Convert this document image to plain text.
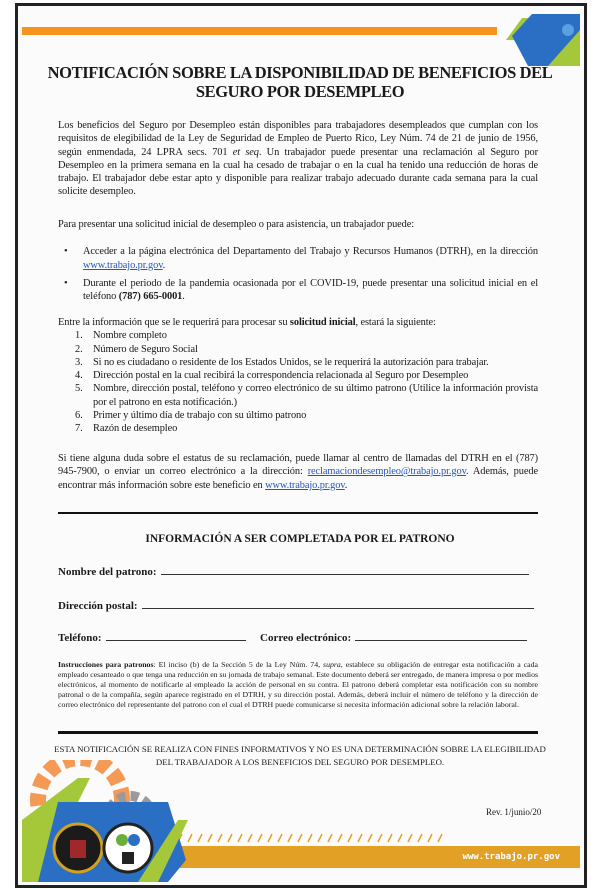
NOTIFICACIÓN SOBRE LA DISPONIBILIDAD DE BENEFICIOS DEL
SEGURO POR DESEMPLEO
Los beneficios del Seguro por Desempleo están disponibles para trabajadores desempleados que cumplan con los requisitos de elegibilidad de la Ley de Seguridad de Empleo de Puerto Rico, Ley Núm. 74 de 21 de junio de 1956, según enmendada, 24 LPRA secs. 701 et seq. Un trabajador puede presentar una reclamación al Seguro por Desempleo en la primera semana en la cual ha cesado de trabajar o en la cual ha tenido una reducción de horas de trabajo. El trabajador debe estar apto y disponible para realizar trabajo adecuado durante cada semana para la cual solicite desempleo.
Para presentar una solicitud inicial de desempleo o para asistencia, un trabajador puede:
• Acceder a la página electrónica del Departamento del Trabajo y Recursos Humanos (DTRH), en la dirección www.trabajo.pr.gov.
• Durante el periodo de la pandemia ocasionada por el COVID-19, puede presentar una solicitud inicial en el teléfono (787) 665-0001.
Entre la información que se le requerirá para procesar su solicitud inicial, estará la siguiente:
1. Nombre completo
2. Número de Seguro Social
3. Si no es ciudadano o residente de los Estados Unidos, se le requerirá la autorización para trabajar.
4. Dirección postal en la cual recibirá la correspondencia relacionada al Seguro por Desempleo
5. Nombre, dirección postal, teléfono y correo electrónico de su último patrono (Utilice la información provista por el patrono en esta notificación.)
6. Primer y último día de trabajo con su último patrono
7. Razón de desempleo
Si tiene alguna duda sobre el estatus de su reclamación, puede llamar al centro de llamadas del DTRH en el (787) 945-7900, o enviar un correo electrónico a la dirección: reclamaciondesempleo@trabajo.pr.gov. Además, puede encontrar más información sobre este beneficio en www.trabajo.pr.gov.
INFORMACIÓN A SER COMPLETADA POR EL PATRONO
Nombre del patrono:
Dirección postal:
Teléfono:	Correo electrónico:
Instrucciones para patronos: El inciso (b) de la Sección 5 de la Ley Núm. 74, supra, establece su obligación de entregar esta notificación a cada empleado cesanteado o que tenga una reducción en su jornada de trabajo semanal. Este documento deberá ser entregado, de manera impresa o por medios electrónicos, al momento de notificarle al empleado la acción de personal en su contra. El patrono deberá completar esta notificación con su nombre patronal o de la compañía, según aparece registrado en el DTRH, y su dirección postal. Además, deberá incluir el número de teléfono y la dirección de correo electrónico del representante del patrono con el cual el DTRH puede comunicarse si necesita información adicional sobre la relación laboral.
ESTA NOTIFICACIÓN SE REALIZA CON FINES INFORMATIVOS Y NO ES UNA DETERMINACIÓN SOBRE LA ELEGIBILIDAD
DEL TRABAJADOR A LOS BENEFICIOS DEL SEGURO POR DESEMPLEO.
Rev. 1/junio/20
www.trabajo.pr.gov
